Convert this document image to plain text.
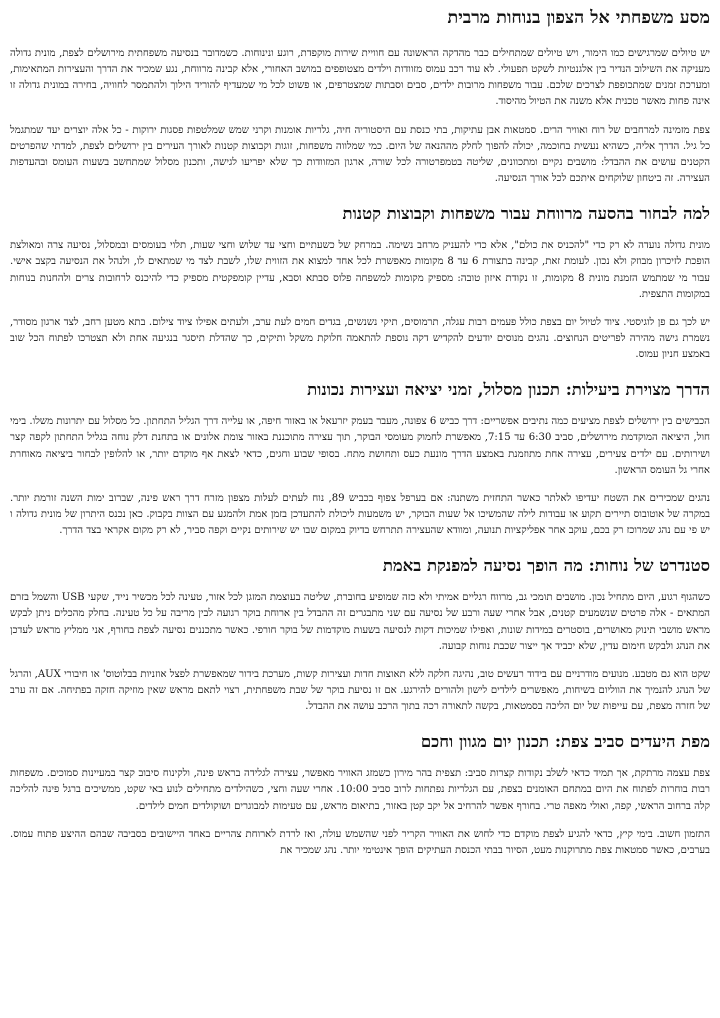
מסע משפחתי אל הצפון בנוחות מרבית

יש טיולים שמרגישים כמו הימור, ויש טיולים שמתחילים כבר מהדקה הראשונה עם חוויית שירות מוקפדת, רוגע ונינוחות. כשמדובר בנסיעה משפחתית מירושלים לצפת, מונית גדולה מעניקה את השילוב הנדיר בין אלגנטיות לשקט תפעולי. לא עוד רכב עמוס מזוודות וילדים מצטופפים במושב האחורי, אלא קבינה מרווחת, נגע שמכיר את הדרך והעצירות המתאימות, ומערכת זמנים שמתכופפת לצרכים שלכם. עבור משפחות מרובות ילדים, סבים וסבתות שמצטרפים, או פשוט לכל מי שמעדיף להוריד הילוך ולהתמסר לחוויה, בחירה במונית גדולה זו אינה פחות מאשר טכנית אלא משנה את הטיול מהיסוד.

צפת מזמינה למרחבים של רוח ואוויר הרים. סמטאות אבן עתיקות, בתי כנסת עם היסטוריה חיה, גלריות אומנות וקרני שמש שמלטפות פסגות ירוקות - כל אלה יוצרים יעד שמתגמל כל גיל. הדרך אליה, כשהיא נעשית בחוכמה, יכולה להפוך לחלק מההנאה של היום. כמי שמלווה משפחות, זוגות וקבוצות קטנות לאורך העירים בין ירושלים לצפת, למדתי שהפרטים הקטנים עושים את ההבדל: מושבים נקיים ומתכוונים, שליטה בטמפרטורה לכל שורה, ארגון המזוודות כך שלא יפריעו לגישה, ותכנון מסלול שמתחשב בשעות העומס ובהעדפות העצירה. זה ביטחון שלוקחים איתכם לכל אורך הנסיעה.

למה לבחור בהסעה מרווחת עבור משפחות וקבוצות קטנות

מונית גדולה נועדה לא רק כדי "להכניס את כולם", אלא כדי להעניק מרחב נשימה. במרחק של כשעתיים וחצי עד שלוש וחצי שעות, תלוי בעומסים ובמסלול, נסיעה צרה ומאולצת הופכת לזיכרון מבוזק ולא נכון. לעומת זאת, קבינה בתצורת 6 עד 8 מקומות מאפשרת לכל אחד למצוא את הזווית שלו, לשבת לצד מי שמתאים לו, ולנהל את הנסיעה בקצב אישי. עבור מי שמתמש הזמנת מונית 8 מקומות, זו נקודת איזון טובה: מספיק מקומות למשפחה פלוס סבתא וסבא, עדיין קומפקטית מספיק כדי להיכנס לרחובות צרים ולהחנות בנוחות במקומות התצפית.

יש לכך גם פן לוגיסטי. ציוד לטיול יום בצפת כולל פעמים רבות עגלה, תרמוסים, תיקי נשנשים, בגדים חמים לעת ערב, ולעתים אפילו ציוד צילום. בתא מטען רחב, לצד ארגון מסודר, נשמרת גישה מהירה לפריטים הנחוצים. נהגים מנוסים יודעים להקדיש דקה נוספת להתאמה חלוקת משקל ותיקים, כך שהדלת תיסגר בנגיעה אחת ולא תצטרכו לפתוח הכל שוב באמצע חניון עמוס.

הדרך מצוירת ביעילות: תכנון מסלול, זמני יציאה ועצירות נכונות

הכבישים בין ירושלים לצפת מציעים כמה נתיבים אפשריים: דרך כביש 6 צפונה, מעבר בעמק יזרעאל או באזור חיפה, או עלייה דרך הגליל התחתון. כל מסלול עם יתרונות משלו. בימי חול, היציאה המוקדמת מירושלים, סביב 6:30 עד 7:15, מאפשרת לחמוק מעומסי הבוקר, תוך עצירה מתוכננת באזור צומת אלונים או בתחנת דלק נוחה בגליל התחתון לקפה קצר ושירותים. עם ילדים צעירים, עצירה אחת מתוזמנת באמצע הדרך מונעת כעס ותחושת מתח. בסופי שבוע וחגים, כדאי לצאת אף מוקדם יותר, או להלופין לבחור ביציאה מאוחרת אחרי גל העומס הראשון.

נהגים שמכירים את השטח יעדיפו לאלתר כאשר התחזית משתנה: אם בערפל צפוף בכביש 89, נוח לעתים לעלות מצפון מזרח דרך ראש פינה, שברוב ימות השנה זורמת יותר. במקרה של אוטובוס תיירים תקוע או עבודות לילה שהמשיכו אל שעות הבוקר, יש משמעות ליכולת להתעדכן בזמן אמת ולהמגע עם הצוות בקבוק. כאן נכנס היתרון של מונית גדולה ו יש פי עם נהג שמרוכז רק בכם, עוקב אחר אפליקציות תנועה, ומוודא שהעצירה תתרחש בדיוק במקום שבו יש שירותים נקיים וקפה סביר, לא רק מקום אקראי בצד הדרך.

סטנדרט של נוחות: מה הופך נסיעה למפנקת באמת

כשהגוף רגוע, היום מתחיל נכון. מושבים תומכי גב, מרווח רגליים אמיתי ולא כזה שמופיע בחוברת, שליטה בעוצמת המזגן לכל אזור, טעינה לכל מכשיר נייד, שקעי USB והשמל בזרם המתאים - אלה פרטים שנשמעים קטנים, אבל אחרי שעה ורבע של נסיעה עם שני מתבגרים זה ההבדל בין ארוחת בוקר רגועה לבין מריבה על כל טעינה. בחלק מהכלים ניתן לבקש מראש מושבי תינוק מאושרים, בוסטרים במידות שונות, ואפילו שמיכות דקות לנסיעה בשעות מוקדמות של בוקר חורפי. כאשר מתכננים נסיעה לצפת בחורף, אני ממליץ מראש לעדכן את הנהג ולבקש חימום עדין, שלא יכביד אך ייצור שכבת נוחות קבועה.

שקט הוא גם מטבע. מנועים מודרניים עם בידוד רעשים טוב, נהיגה חלקה ללא תאוצות חדות ועצירות קשות, מערכת בידור שמאפשרת לפצל אוזניות בבלוטוס' או חיבורי AUX, והרגל של הנהג להנמיך את הווליום בשיחות, מאפשרים לילדים לישון ולהורים להירגע. אם זו נסיעת בוקר של שבת משפחתית, רצוי לתאם מראש שאין מוזיקה חזקה בפתיחה. אם זה ערב של חזרה מצפת, עם עייפות של יום הליכה בסמטאות, בקשה לתאורה רכה בתוך הרכב עושה את ההבדל.

מפת היעדים סביב צפת: תכנון יום מגוון וחכם

צפת עצמה מרתקת, אך תמיד כדאי לשלב נקודות קצרות סביב: תצפית בהר מירון כשמזג האוויר מאפשר, עצירה לגלידה בראש פינה, ולקינוח סיבוב קצר במעיינות סמוכים. משפחות רבות בוחרות לפתוח את היום במתחם האומנים בצפת, עם הגלריות נפתחות לרוב סביב 10:00. אחרי שעה וחצי, כשהילדים מתחילים לנוע באי שקט, ממשיכים ברגל פינה להליכה קלה ברחוב הראשי, קפה, ואולי מאפה טרי. בחורף אפשר להרחיב אל יקב קטן באזור, בתיאום מראש, עם טעימות למבוגרים ושוקולדים חמים לילדים.

התזמון חשוב. בימי קיץ, כדאי להגיע לצפת מוקדם כדי לחוש את האוויר הקריר לפני שהשמש עולה, ואז לרדת לארוחת צהריים באחד היישובים בסביבה שבהם ההיצע פתוח עמוס. בערבים, כאשר סמטאות צפת מתרוקנות מעט, הסיור בבתי הכנסת העתיקים הופך אינטימי יותר. נהג שמכיר את
